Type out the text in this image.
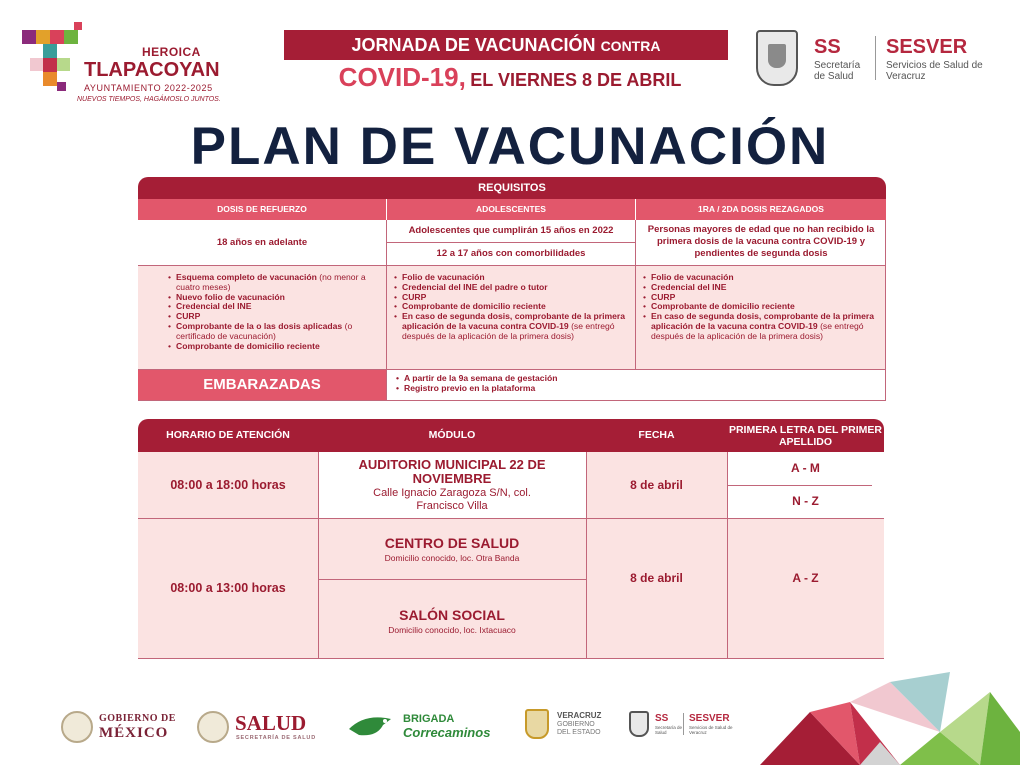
HEROICA
TLAPACOYAN
AYUNTAMIENTO 2022-2025
NUEVOS TIEMPOS, HAGÁMOSLO JUNTOS.
JORNADA DE VACUNACIÓN CONTRA
COVID-19, EL VIERNES 8 DE ABRIL
SS
Secretaría de Salud
SESVER
Servicios de Salud de Veracruz
PLAN DE VACUNACIÓN
REQUISITOS
DOSIS DE REFUERZO	ADOLESCENTES	1RA / 2DA DOSIS REZAGADOS
18 años en adelante
Adolescentes que cumplirán 15 años en 2022
12 a 17 años con comorbilidades
Personas mayores de edad que no han recibido la primera dosis de la vacuna contra COVID-19 y pendientes de segunda dosis
• Esquema completo de vacunación (no menor a cuatro meses)
• Nuevo folio de vacunación
• Credencial del INE
• CURP
• Comprobante de la o las dosis aplicadas (o certificado de vacunación)
• Comprobante de domicilio reciente
• Folio de vacunación
• Credencial del INE del padre o tutor
• CURP
• Comprobante de domicilio reciente
• En caso de segunda dosis, comprobante de la primera aplicación de la vacuna contra COVID-19 (se entregó después de la aplicación de la primera dosis)
• Folio de vacunación
• Credencial del INE
• CURP
• Comprobante de domicilio reciente
• En caso de segunda dosis, comprobante de la primera aplicación de la vacuna contra COVID-19 (se entregó después de la aplicación de la primera dosis)
EMBARAZADAS
•	A partir de la 9a semana de gestación
• Registro previo en la plataforma
HORARIO DE ATENCIÓN	MÓDULO	FECHA	PRIMERA LETRA DEL PRIMER APELLIDO
08:00 a 18:00 horas
AUDITORIO MUNICIPAL 22 DE NOVIEMBRE
Calle Ignacio Zaragoza S/N, col. Francisco Villa
8 de abril
A - M
N - Z
08:00 a 13:00 horas
CENTRO DE SALUD
Domicilio conocido, loc. Otra Banda
SALÓN SOCIAL
Domicilio conocido, loc. Ixtacuaco
8 de abril	A - Z
GOBIERNO DE
MÉXICO	SALUD
SECRETARÍA DE SALUD
BRIGADA
Correcaminos
VERACRUZ
GOBIERNO
DEL ESTADO
SS
Secretaría de Salud
SESVER
Servicios de Salud de Veracruz
